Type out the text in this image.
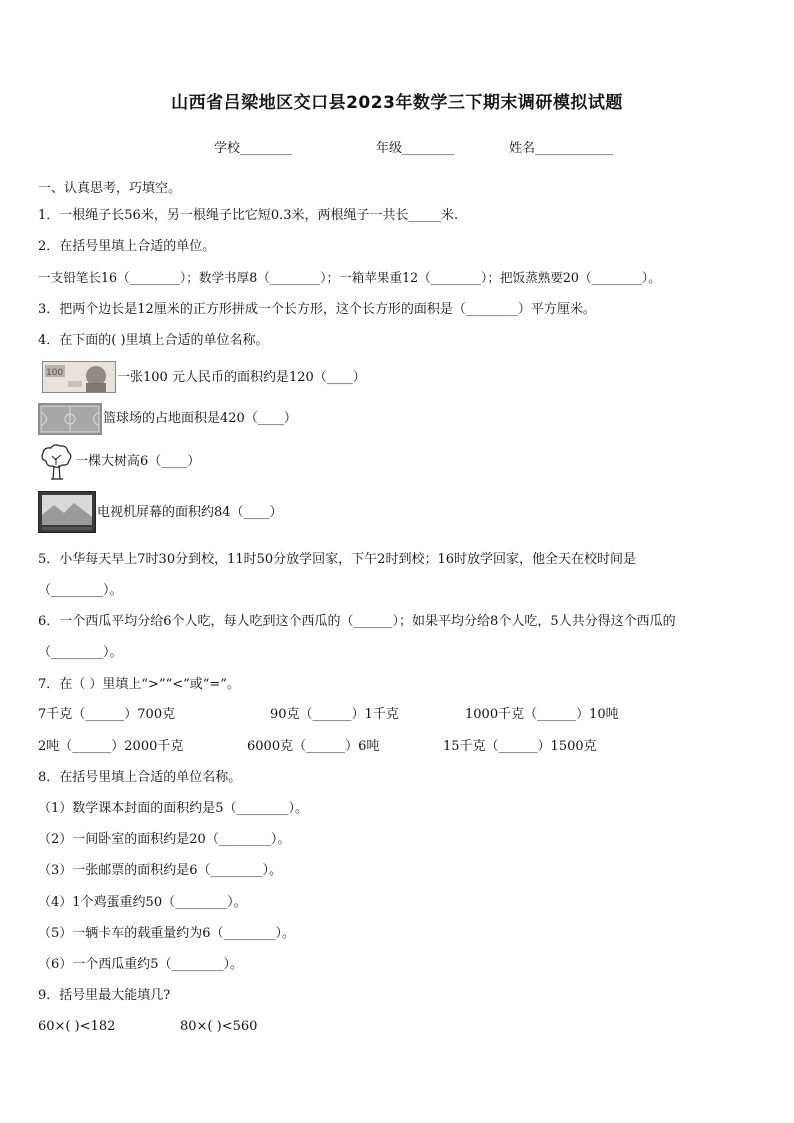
山西省吕梁地区交口县2023年数学三下期末调研模拟试题
学校________	年级________	姓名____________
一、认真思考，巧填空。
1．一根绳子长56米，另一根绳子比它短0.3米，两根绳子一共长_____米.
2．在括号里填上合适的单位。
一支铅笔长16（________）；数学书厚8（________）；一箱苹果重12（________）；把饭蒸熟要20（________）。
3．把两个边长是12厘米的正方形拼成一个长方形，这个长方形的面积是（________）平方厘米。
4．在下面的( )里填上合适的单位名称。
100	一张100 元人民币的面积约是120（____）
篮球场的占地面积是420（____）
一棵大树高6（____）
电视机屏幕的面积约84（____）
5．小华每天早上7时30分到校，11时50分放学回家，下午2时到校；16时放学回家，他全天在校时间是
（________）。
6．一个西瓜平均分给6个人吃，每人吃到这个西瓜的（______）；如果平均分给8个人吃，5人共分得这个西瓜的
（________）。
7．在（ ）里填上“>”“<”或“=”。
7千克（______）700克	90克（______）1千克	1000千克（______）10吨
2吨（______）2000千克	6000克（______）6吨	15千克（______）1500克
8．在括号里填上合适的单位名称。
（1）数学课本封面的面积约是5（________）。
（2）一间卧室的面积约是20（________）。
（3）一张邮票的面积约是6（________）。
（4）1个鸡蛋重约50（________）。
（5）一辆卡车的载重量约为6（________）。
（6）一个西瓜重约5（________）。
9．括号里最大能填几?
60×( )<182	80×( )<560
